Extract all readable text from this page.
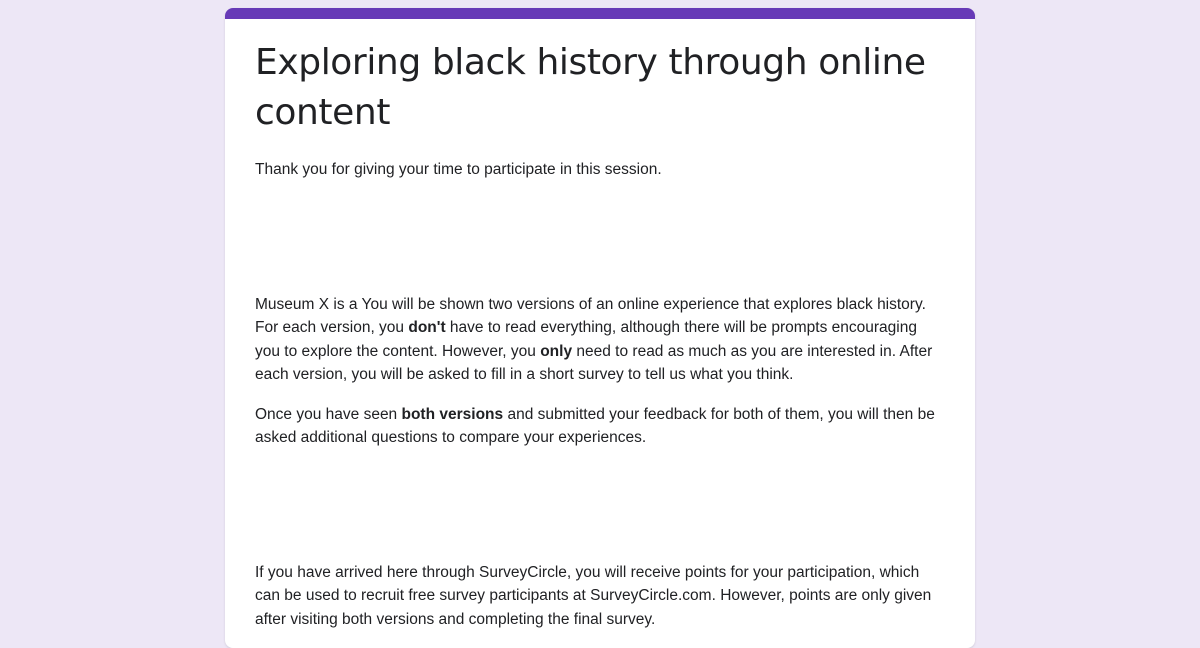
Exploring black history through online content

Thank you for giving your time to participate in this session.

Museum X is a You will be shown two versions of an online experience that explores black history. For each version, you don't have to read everything, although there will be prompts encouraging you to explore the content. However, you only need to read as much as you are interested in. After each version, you will be asked to fill in a short survey to tell us what you think.

Once you have seen both versions and submitted your feedback for both of them, you will then be asked additional questions to compare your experiences.

If you have arrived here through SurveyCircle, you will receive points for your participation, which can be used to recruit free survey participants at SurveyCircle.com. However, points are only given after visiting both versions and completing the final survey.
